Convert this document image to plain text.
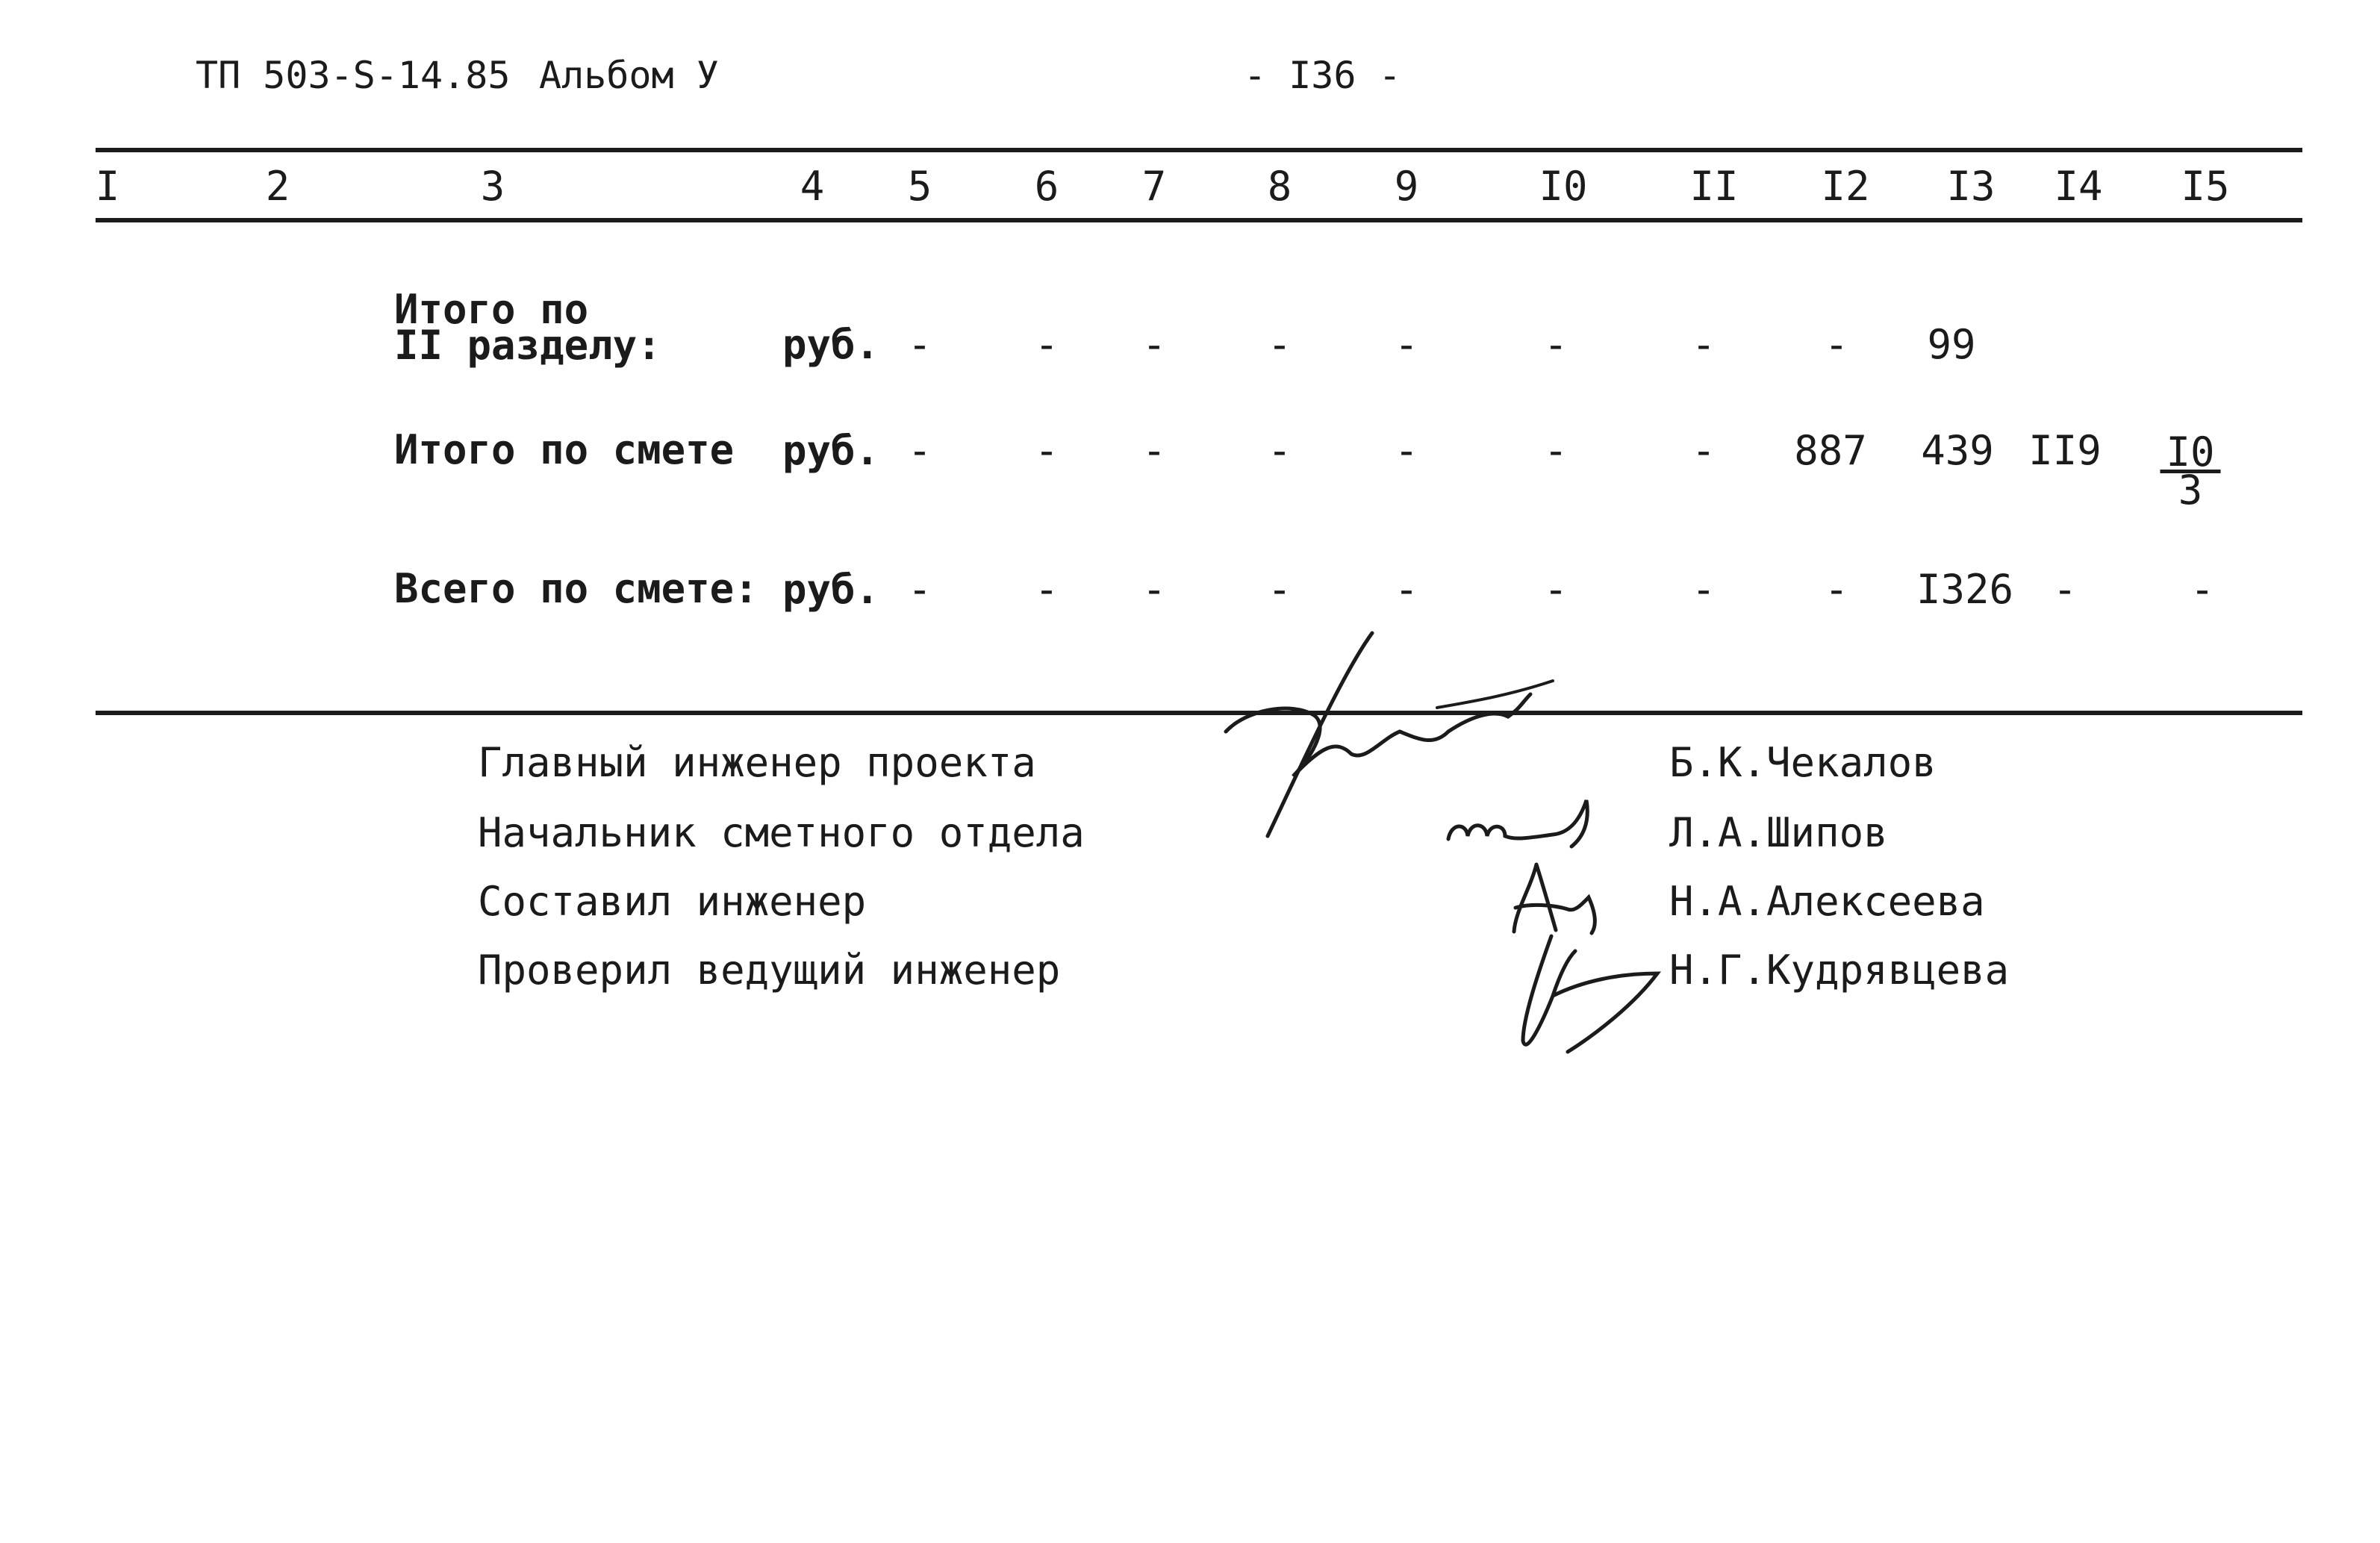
ТП 503-S-14.85 Альбом У	- I36 -
I	2	3	4 5	6 7	8	9	I0	II I2 I3 I4 I5
Итого по
II разделу:	руб. -	- -	-	-	-	-	- 99
Итого по смете руб. -	- -	-	-	-	- 887 439 $II9 \frac{I0}{3}$
Всего по смете: руб. -	- -	-	-	-	-	- I326 -	-
Главный инженер проекта	Б.К.Чекалов
Начальник сметного отдела	Л.А.Шипов
Составил инженер	Н.А.Алексеева
Проверил ведущий инженер	Н.Г.Кудрявцева
